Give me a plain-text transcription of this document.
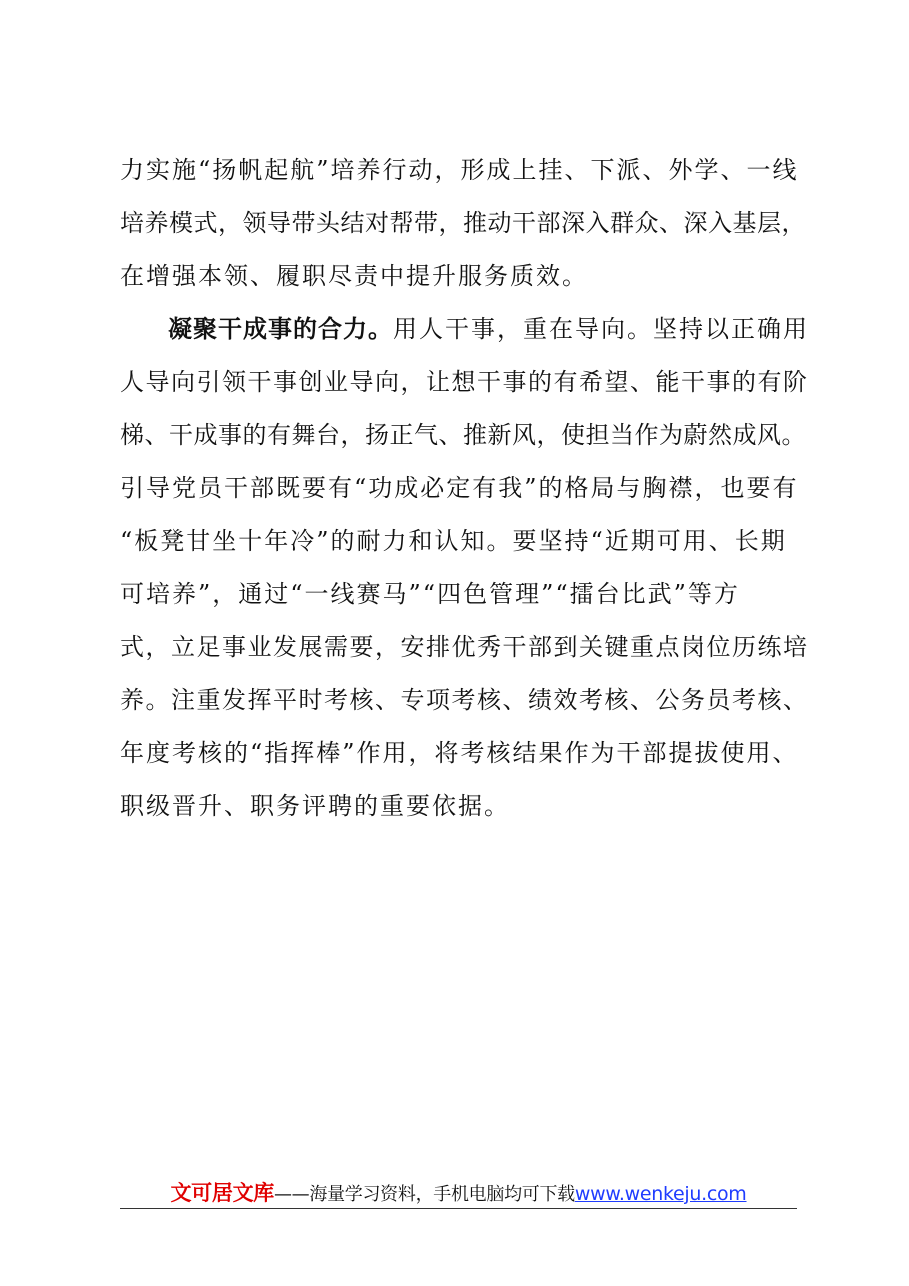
力实施“扬帆起航”培养行动，形成上挂、下派、外学、一线
培养模式，领导带头结对帮带，推动干部深入群众、深入基层，
在增强本领、履职尽责中提升服务质效。
凝聚干成事的合力。用人干事，重在导向。坚持以正确用
人导向引领干事创业导向，让想干事的有希望、能干事的有阶
梯、干成事的有舞台，扬正气、推新风，使担当作为蔚然成风。
引导党员干部既要有“功成必定有我”的格局与胸襟，也要有
“板凳甘坐十年冷”的耐力和认知。要坚持“近期可用、长期
可培养”，通过“一线赛马”“四色管理”“擂台比武”等方
式，立足事业发展需要，安排优秀干部到关键重点岗位历练培
养。注重发挥平时考核、专项考核、绩效考核、公务员考核、
年度考核的“指挥棒”作用，将考核结果作为干部提拔使用、
职级晋升、职务评聘的重要依据。
文可居文库——海量学习资料，手机电脑均可下载www.wenkeju.com
